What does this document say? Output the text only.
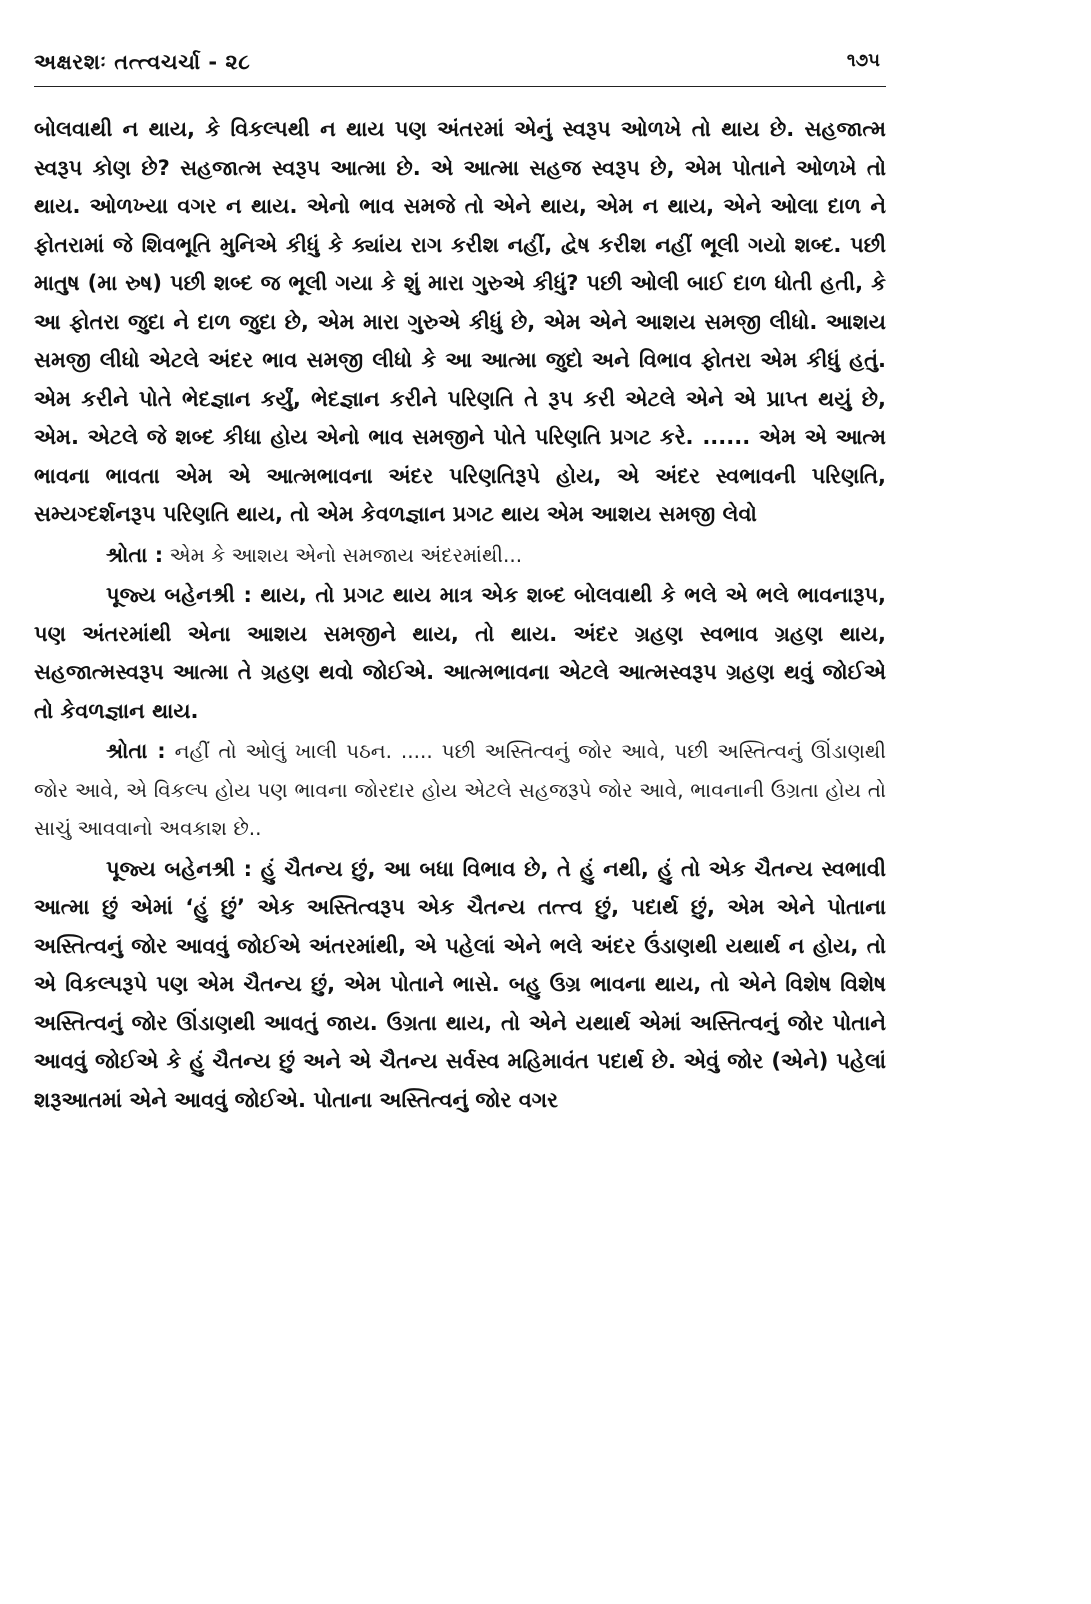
અક્ષરશઃ તત્ત્વચર્ચા - ૨૮	૧૭૫

બોલવાથી ન થાય, કે વિકલ્પથી ન થાય પણ અંતરમાં એનું સ્વરૂપ ઓળખે તો થાય છે. સહજાત્મ સ્વરૂપ કોણ છે? સહજાત્મ સ્વરૂપ આત્મા છે. એ આત્મા સહજ સ્વરૂપ છે, એમ પોતાને ઓળખે તો થાય. ઓળખ્યા વગર ન થાય. એનો ભાવ સમજે તો એને થાય, એમ ન થાય, એને ઓલા દાળ ને ફોતરામાં જે શિવભૂતિ મુનિએ કીધું કે ક્યાંય રાગ કરીશ નહીં, દ્વેષ કરીશ નહીં ભૂલી ગયો શબ્દ. પછી માતુષ (મા રુષ) પછી શબ્દ જ ભૂલી ગયા કે શું મારા ગુરુએ કીધું? પછી ઓલી બાઈ દાળ ધોતી હતી, કે આ ફોતરા જુદા ને દાળ જુદા છે, એમ મારા ગુરુએ કીધું છે, એમ એને આશય સમજી લીધો. આશય સમજી લીધો એટલે અંદર ભાવ સમજી લીધો કે આ આત્મા જુદો અને વિભાવ ફોતરા એમ કીધું હતું. એમ કરીને પોતે ભેદજ્ઞાન કર્યું, ભેદજ્ઞાન કરીને પરિણતિ તે રૂપ કરી એટલે એને એ પ્રાપ્ત થયું છે, એમ. એટલે જે શબ્દ કીધા હોય એનો ભાવ સમજીને પોતે પરિણતિ પ્રગટ કરે. ...... એમ એ આત્મ ભાવના ભાવતા એમ એ આત્મભાવના અંદર પરિણતિરૂપે હોય, એ અંદર સ્વભાવની પરિણતિ, સમ્યગ્દર્શનરૂપ પરિણતિ થાય, તો એમ કેવળજ્ઞાન પ્રગટ થાય એમ આશય સમજી લેવો

શ્રોતા : એમ કે આશય એનો સમજાય અંદરમાંથી...

પૂજ્ય બહેનશ્રી : થાય, તો પ્રગટ થાય માત્ર એક શબ્દ બોલવાથી કે ભલે એ ભલે ભાવનારૂપ, પણ અંતરમાંથી એના આશય સમજીને થાય, તો થાય. અંદર ગ્રહણ સ્વભાવ ગ્રહણ થાય, સહજાત્મસ્વરૂપ આત્મા તે ગ્રહણ થવો જોઈએ. આત્મભાવના એટલે આત્મસ્વરૂપ ગ્રહણ થવું જોઈએ તો કેવળજ્ઞાન થાય.

શ્રોતા : નહીં તો ઓલું ખાલી પઠન. ..... પછી અસ્તિત્વનું જોર આવે, પછી અસ્તિત્વનું ઊંડાણથી જોર આવે, એ વિકલ્પ હોય પણ ભાવના જોરદાર હોય એટલે સહજરૂપે જોર આવે, ભાવનાની ઉગ્રતા હોય તો સાચું આવવાનો અવકાશ છે..

પૂજ્ય બહેનશ્રી : હું ચૈતન્ય છું, આ બધા વિભાવ છે, તે હું નથી, હું તો એક ચૈતન્ય સ્વભાવી આત્મા છું એમાં ‘હું છું’ એક અસ્તિત્વરૂપ એક ચૈતન્ય તત્ત્વ છું, પદાર્થ છું, એમ એને પોતાના અસ્તિત્વનું જોર આવવું જોઈએ અંતરમાંથી, એ પહેલાં એને ભલે અંદર ઉંડાણથી યથાર્થ ન હોય, તો એ વિકલ્પરૂપે પણ એમ ચૈતન્ય છું, એમ પોતાને ભાસે. બહુ ઉગ્ર ભાવના થાય, તો એને વિશેષ વિશેષ અસ્તિત્વનું જોર ઊંડાણથી આવતું જાય. ઉગ્રતા થાય, તો એને યથાર્થ એમાં અસ્તિત્વનું જોર પોતાને આવવું જોઈએ કે હું ચૈતન્ય છું અને એ ચૈતન્ય સર્વસ્વ મહિમાવંત પદાર્થ છે. એવું જોર (એને) પહેલાં શરૂઆતમાં એને આવવું જોઈએ. પોતાના અસ્તિત્વનું જોર વગર
